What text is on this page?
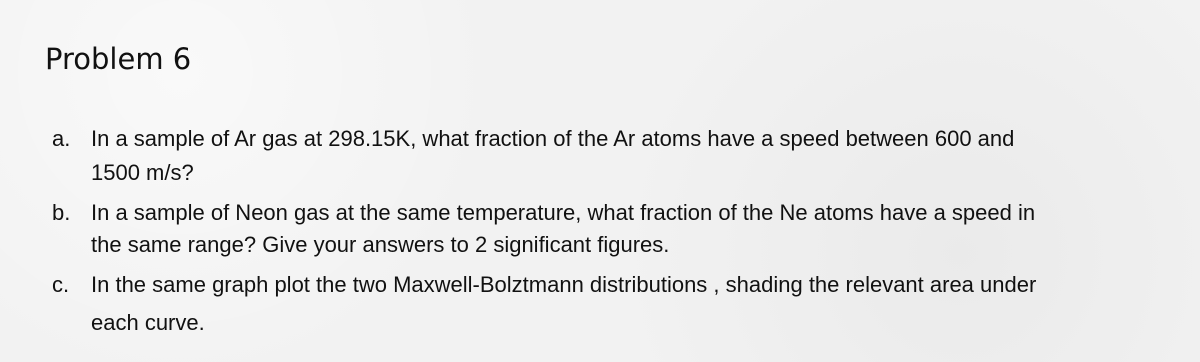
Problem 6
a. In a sample of Ar gas at 298.15K, what fraction of the Ar atoms have a speed between 600 and
1500 m/s?
b. In a sample of Neon gas at the same temperature, what fraction of the Ne atoms have a speed in
the same range? Give your answers to 2 significant figures.
c. In the same graph plot the two Maxwell-Bolztmann distributions , shading the relevant area under
each curve.
